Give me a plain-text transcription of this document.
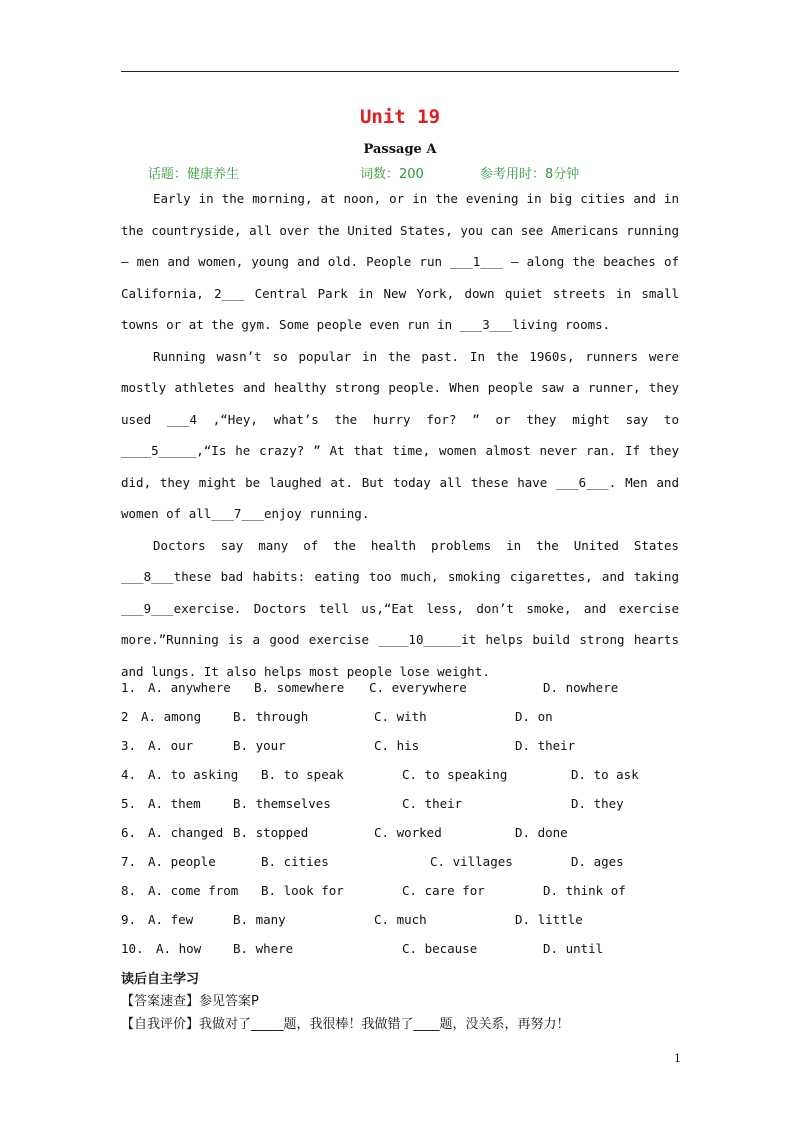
Unit 19
Passage A
话题：健康养生	词数：200	参考用时：8分钟

Early in the morning, at noon, or in the evening in big cities and in the countryside, all over the United States, you can see Americans running — men and women, young and old. People run ___1___ — along the beaches of California, 2___ Central Park in New York, down quiet streets in small towns or at the gym. Some people even run in ___3___living rooms.

Running wasn’t so popular in the past. In the 1960s, runners were mostly athletes and healthy strong people. When people saw a runner, they used ___4 ,“Hey, what’s the hurry for? ” or they might say to ____5_____,“Is he crazy? ” At that time, women almost never ran. If they did, they might be laughed at. But today all these have ___6___. Men and women of all___7___enjoy running.

Doctors say many of the health problems in the United States ___8___these bad habits: eating too much, smoking cigarettes, and taking ___9___exercise. Doctors tell us,“Eat less, don’t smoke, and exercise more.”Running is a good exercise ____10_____it helps build strong hearts and lungs. It also helps most people lose weight.

1. A. anywhere B. somewhere C. everywhere	D. nowhere
2 A. among	B. through	C. with	D. on
3. A. our	B. your	C. his	D. their
4. A. to asking B. to speak	C. to speaking	D. to ask
5. A. them	B. themselves	C. their	D. they
6. A. changed B. stopped	C. worked	D. done
7. A. people	B. cities	C. villages	D. ages
8. A. come from B. look for	C. care for	D. think of
9. A. few	B. many	C. much	D. little
10. A. how	B. where	C. because	D. until
读后自主学习
【答案速查】参见答案P
【自我评价】我做对了_____题，我很棒！我做错了____题，没关系，再努力！
1
